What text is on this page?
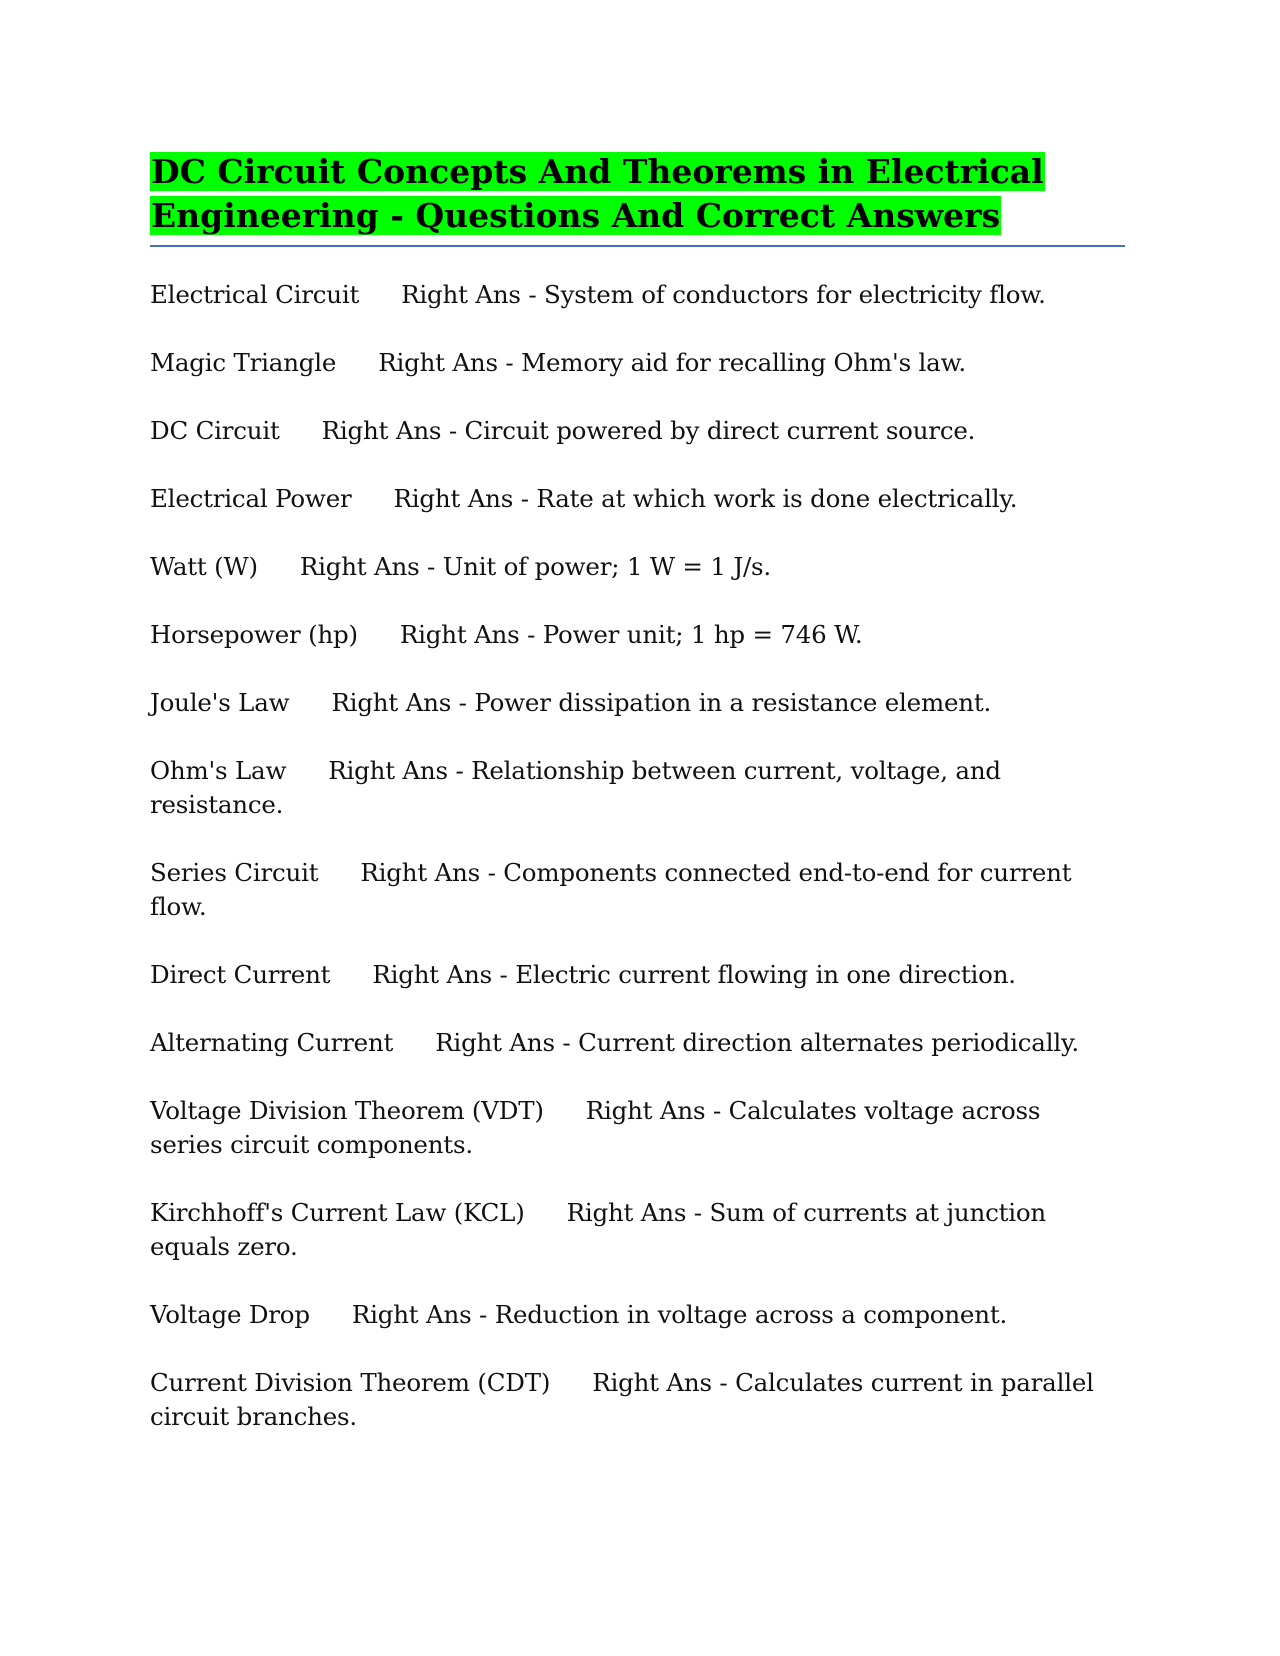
DC Circuit Concepts And Theorems in Electrical
Engineering - Questions And Correct Answers

Electrical Circuit Right Ans - System of conductors for electricity flow.

Magic Triangle Right Ans - Memory aid for recalling Ohm's law.

DC Circuit Right Ans - Circuit powered by direct current source.

Electrical Power Right Ans - Rate at which work is done electrically.

Watt (W) Right Ans - Unit of power; 1 W = 1 J/s.

Horsepower (hp) Right Ans - Power unit; 1 hp = 746 W.

Joule's Law Right Ans - Power dissipation in a resistance element.

Ohm's Law Right Ans - Relationship between current, voltage, and resistance.

Series Circuit Right Ans - Components connected end-to-end for current flow.

Direct Current Right Ans - Electric current flowing in one direction.

Alternating Current Right Ans - Current direction alternates periodically.

Voltage Division Theorem (VDT) Right Ans - Calculates voltage across series circuit components.

Kirchhoff's Current Law (KCL) Right Ans - Sum of currents at junction equals zero.

Voltage Drop Right Ans - Reduction in voltage across a component.

Current Division Theorem (CDT) Right Ans - Calculates current in parallel circuit branches.
